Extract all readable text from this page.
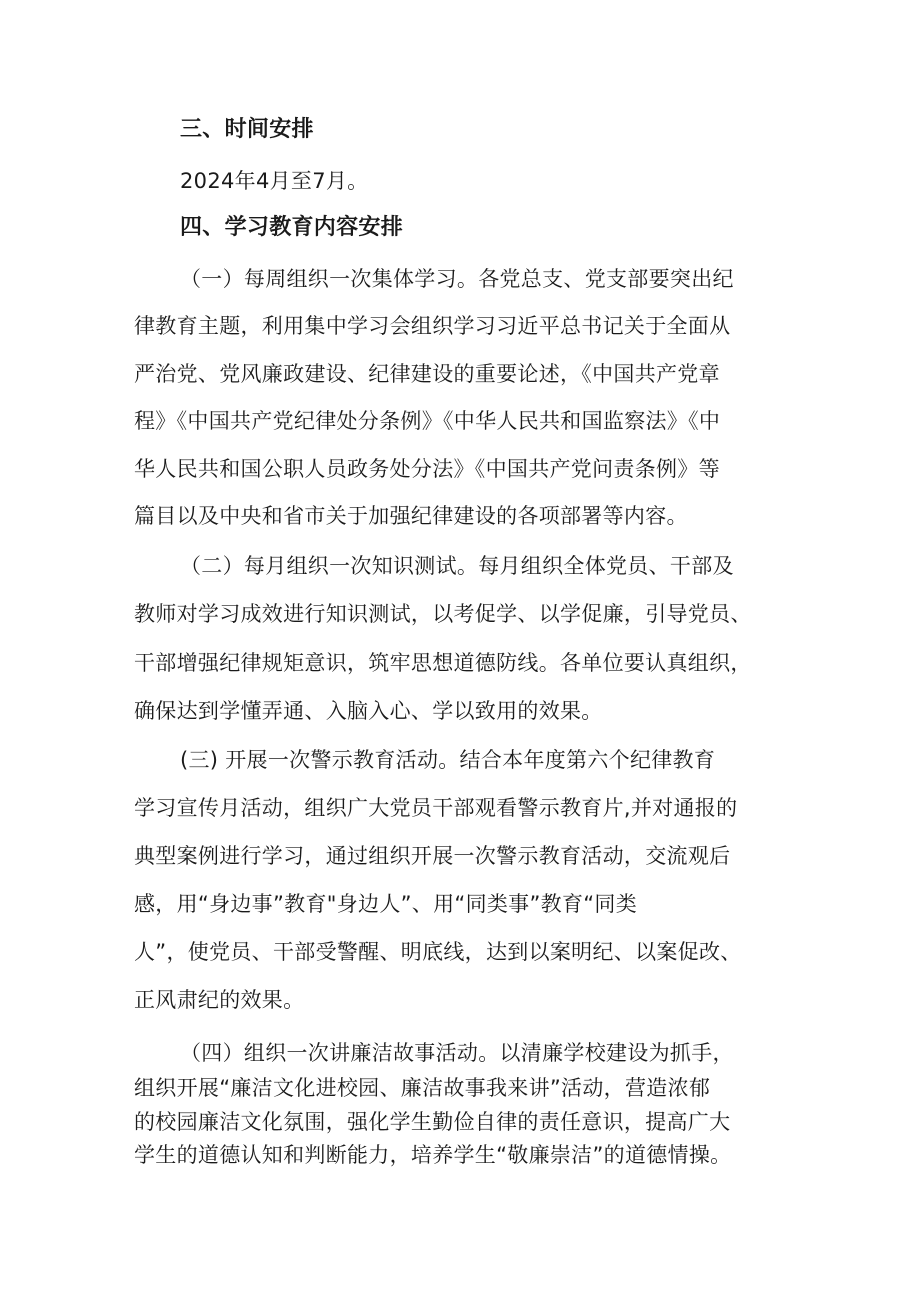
三、时间安排
2024年4月至7月。
四、学习教育内容安排
（一）每周组织一次集体学习。各党总支、党支部要突出纪
律教育主题，利用集中学习会组织学习习近平总书记关于全面从
严治党、党风廉政建设、纪律建设的重要论述，《中国共产党章
程》《中国共产党纪律处分条例》《中华人民共和国监察法》《中
华人民共和国公职人员政务处分法》《中国共产党问责条例》等
篇目以及中央和省市关于加强纪律建设的各项部署等内容。
（二）每月组织一次知识测试。每月组织全体党员、干部及
教师对学习成效进行知识测试，以考促学、以学促廉，引导党员、
干部增强纪律规矩意识，筑牢思想道德防线。各单位要认真组织，
确保达到学懂弄通、入脑入心、学以致用的效果。
(三) 开展一次警示教育活动。结合本年度第六个纪律教育
学习宣传月活动，组织广大党员干部观看警示教育片,并对通报的
典型案例进行学习，通过组织开展一次警示教育活动，交流观后
感，用“身边事”教育"身边人”、用“同类事”教育“同类
人”，使党员、干部受警醒、明底线，达到以案明纪、以案促改、
正风肃纪的效果。
（四）组织一次讲廉洁故事活动。以清廉学校建设为抓手，
组织开展“廉洁文化进校园、廉洁故事我来讲”活动，营造浓郁
的校园廉洁文化氛围，强化学生勤俭自律的责任意识，提高广大
学生的道德认知和判断能力，培养学生“敬廉崇洁”的道德情操。
